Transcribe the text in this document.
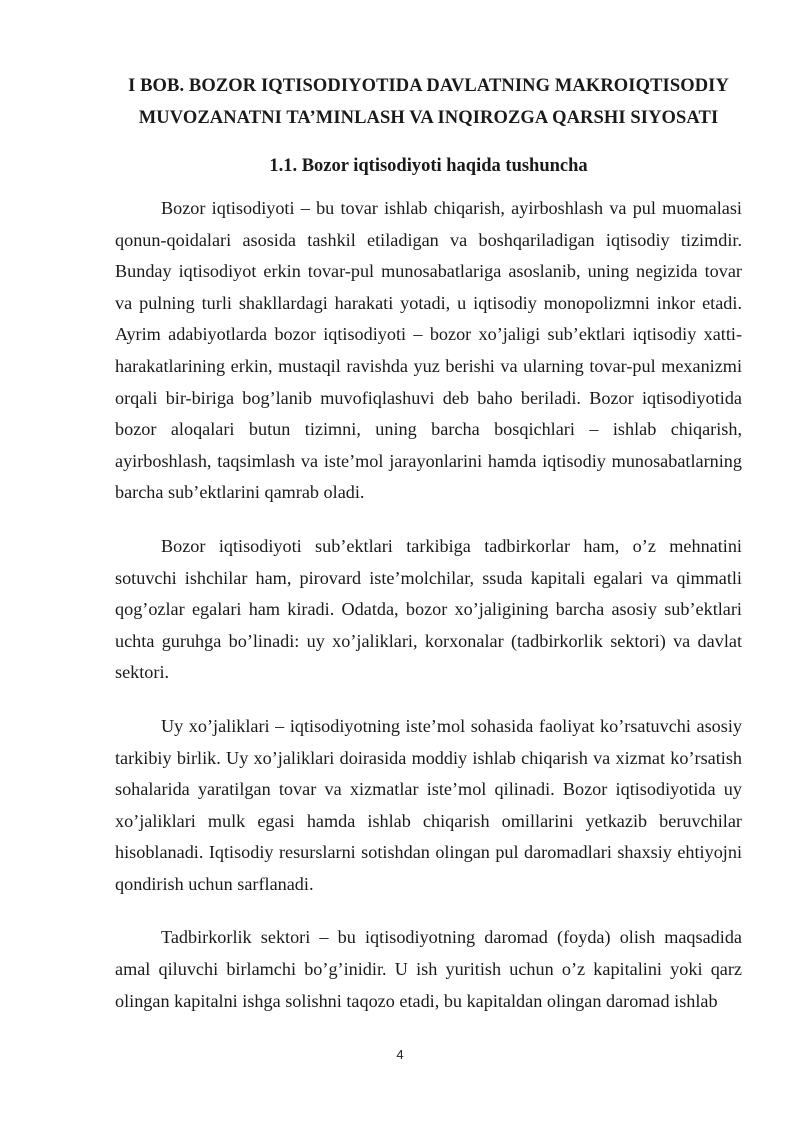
I BOB. BOZOR IQTISODIYOTIDA DAVLATNING MAKROIQTISODIY MUVOZANATNI TA’MINLASH VA INQIROZGA QARSHI SIYOSATI
1.1. Bozor iqtisodiyoti haqida tushuncha

Bozor iqtisodiyoti – bu tovar ishlab chiqarish, ayirboshlash va pul muomalasi qonun-qoidalari asosida tashkil etiladigan va boshqariladigan iqtisodiy tizimdir. Bunday iqtisodiyot erkin tovar-pul munosabatlariga asoslanib, uning negizida tovar va pulning turli shakllardagi harakati yotadi, u iqtisodiy monopolizmni inkor etadi. Ayrim adabiyotlarda bozor iqtisodiyoti – bozor xo’jaligi sub’ektlari iqtisodiy xatti-harakatlarining erkin, mustaqil ravishda yuz berishi va ularning tovar-pul mexanizmi orqali bir-biriga bog’lanib muvofiqlashuvi deb baho beriladi. Bozor iqtisodiyotida bozor aloqalari butun tizimni, uning barcha bosqichlari – ishlab chiqarish, ayirboshlash, taqsimlash va iste’mol jarayonlarini hamda iqtisodiy munosabatlarning barcha sub’ektlarini qamrab oladi.

Bozor iqtisodiyoti sub’ektlari tarkibiga tadbirkorlar ham, o’z mehnatini sotuvchi ishchilar ham, pirovard iste’molchilar, ssuda kapitali egalari va qimmatli qog’ozlar egalari ham kiradi. Odatda, bozor xo’jaligining barcha asosiy sub’ektlari uchta guruhga bo’linadi: uy xo’jaliklari, korxonalar (tadbirkorlik sektori) va davlat sektori.

Uy xo’jaliklari – iqtisodiyotning iste’mol sohasida faoliyat ko’rsatuvchi asosiy tarkibiy birlik. Uy xo’jaliklari doirasida moddiy ishlab chiqarish va xizmat ko’rsatish sohalarida yaratilgan tovar va xizmatlar iste’mol qilinadi. Bozor iqtisodiyotida uy xo’jaliklari mulk egasi hamda ishlab chiqarish omillarini yetkazib beruvchilar hisoblanadi. Iqtisodiy resurslarni sotishdan olingan pul daromadlari shaxsiy ehtiyojni qondirish uchun sarflanadi.

Tadbirkorlik sektori – bu iqtisodiyotning daromad (foyda) olish maqsadida amal qiluvchi birlamchi bo’g’inidir. U ish yuritish uchun o’z kapitalini yoki qarz olingan kapitalni ishga solishni taqozo etadi, bu kapitaldan olingan daromad ishlab

4
